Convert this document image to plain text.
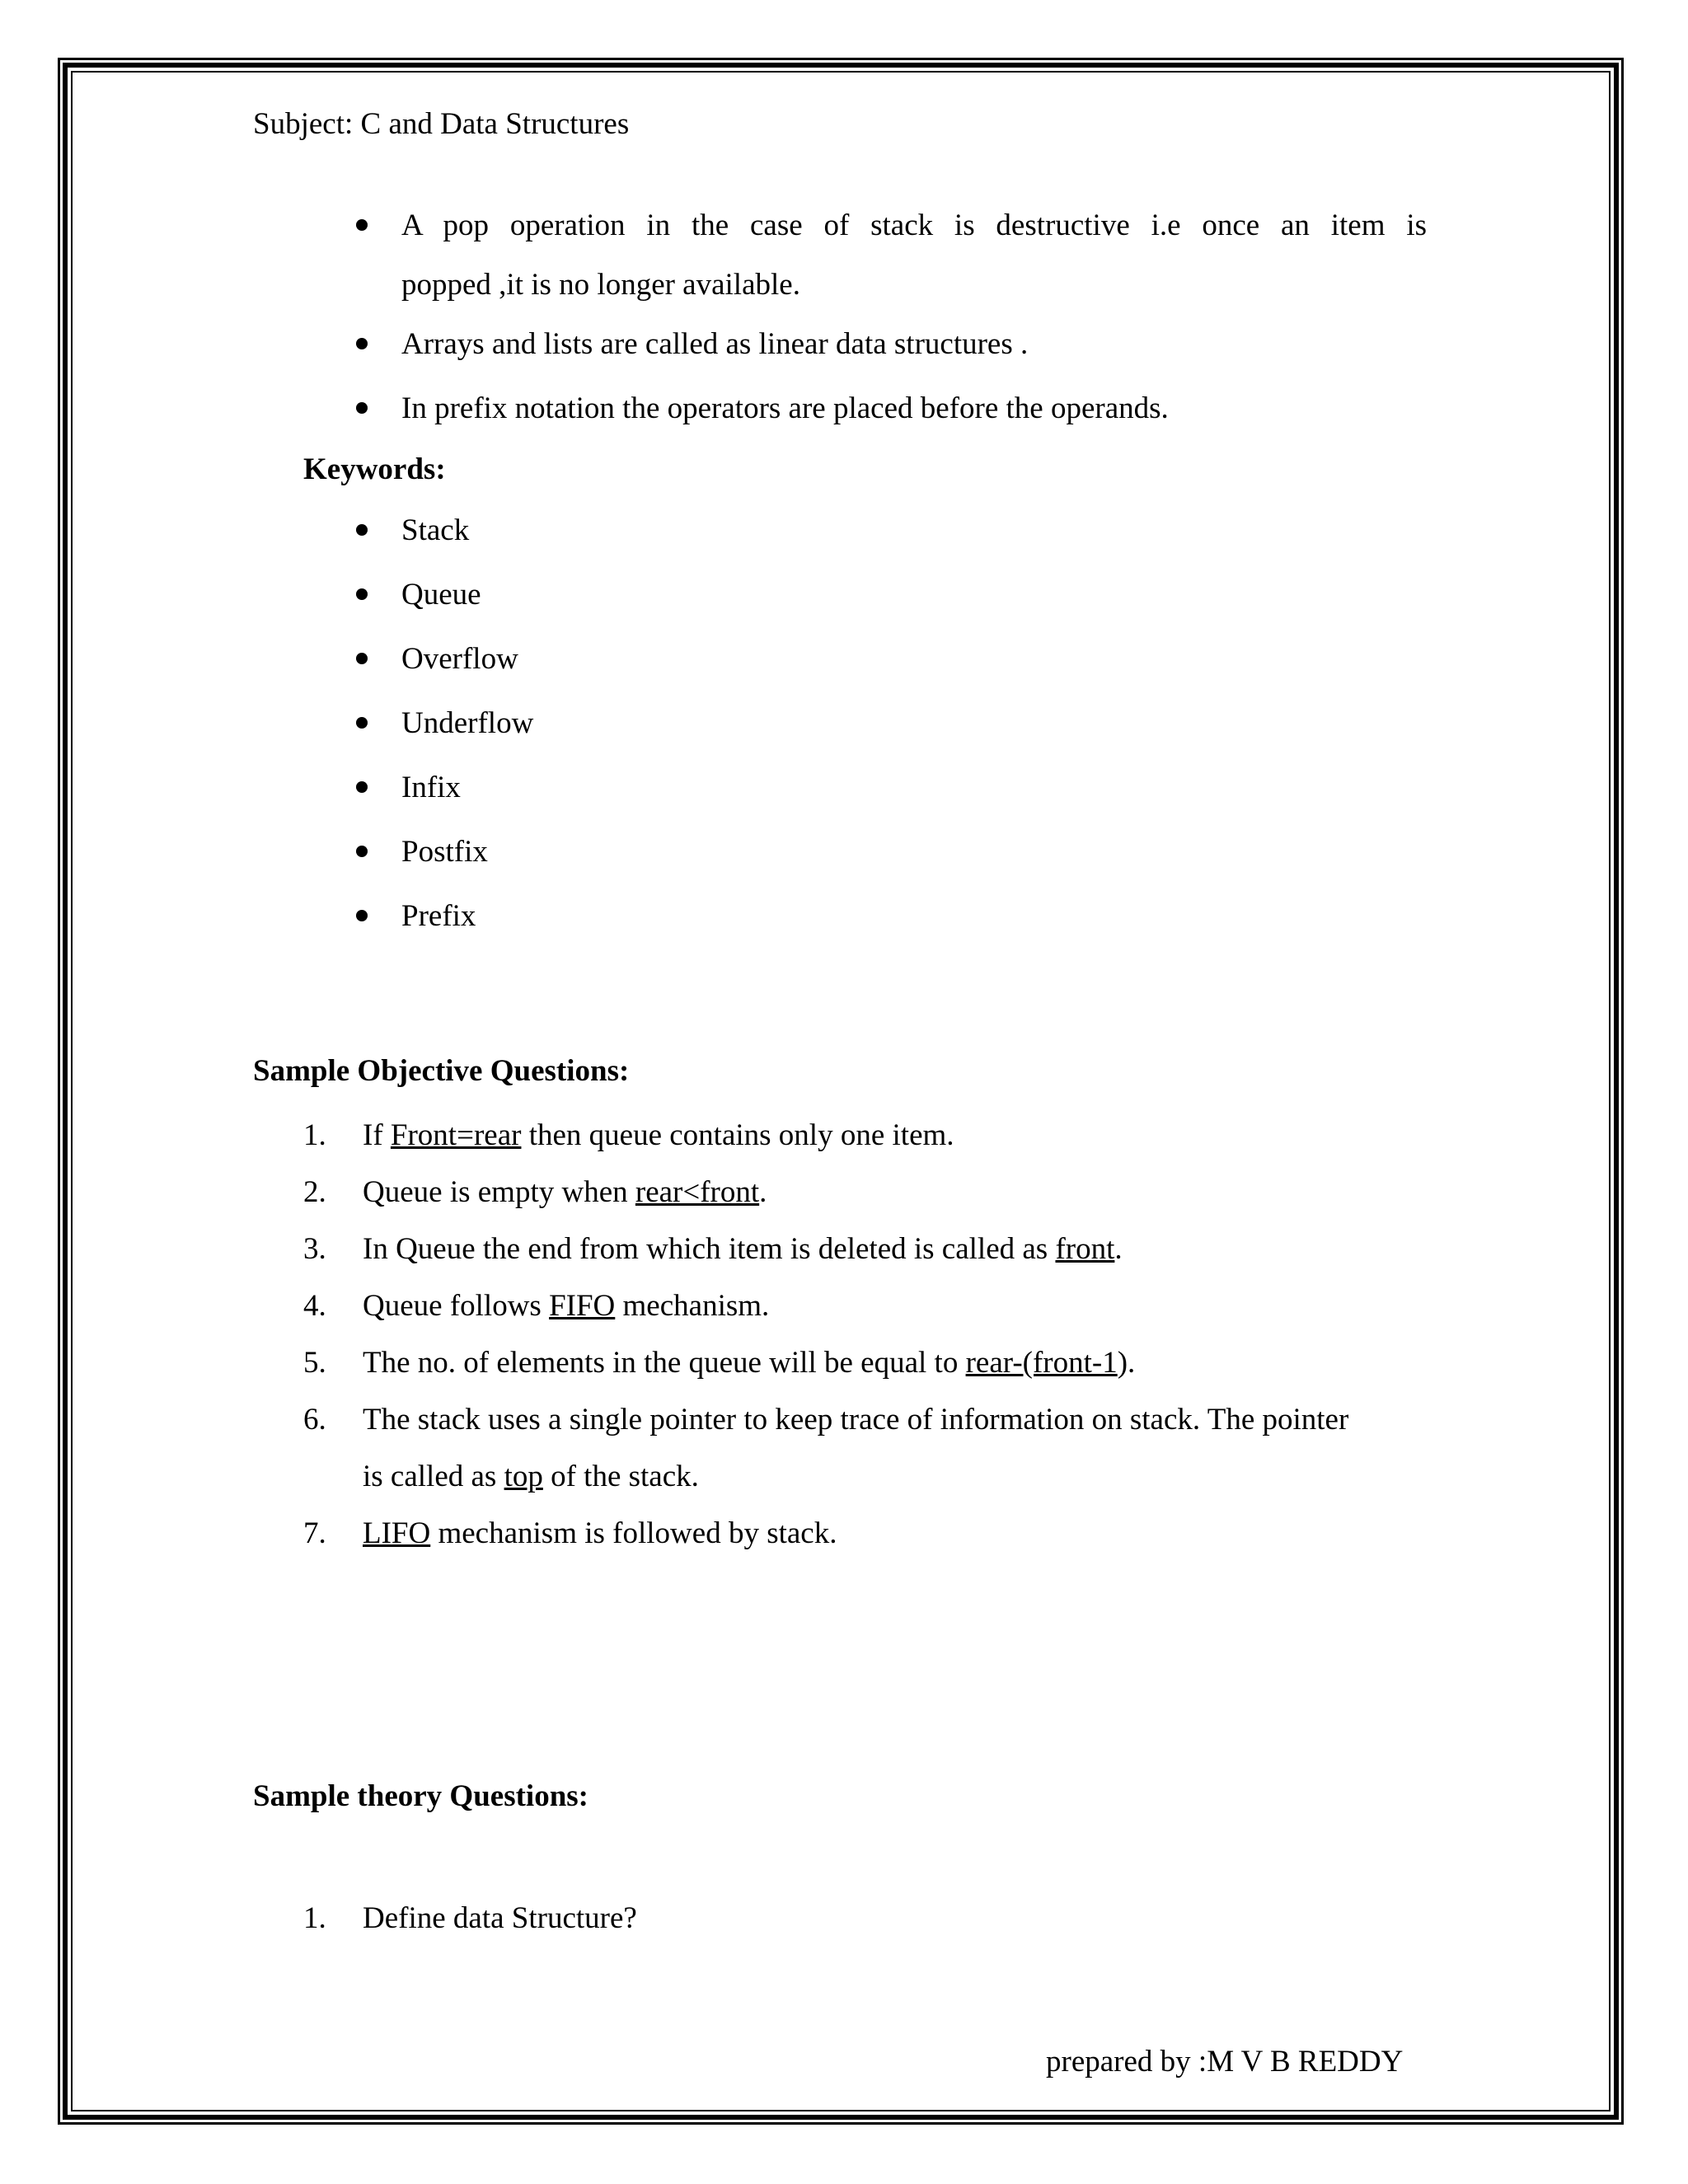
Subject: C and Data Structures
A pop operation in the case of stack is destructive i.e once an item is
popped ,it is no longer available.
Arrays and lists are called as linear data structures .
In prefix notation the operators are placed before the operands.
Keywords:
Stack
Queue
Overflow
Underflow
Infix
Postfix
Prefix
Sample Objective Questions:
1. If Front=rear then queue contains only one item.
2. Queue is empty when rear<front.
3. In Queue the end from which item is deleted is called as front.
4. Queue follows FIFO mechanism.
5. The no. of elements in the queue will be equal to rear-(front-1).
6. The stack uses a single pointer to keep trace of information on stack. The pointer
is called as top of the stack.
7. LIFO mechanism is followed by stack.
Sample theory Questions:
1. Define data Structure?
prepared by :M V B REDDY
